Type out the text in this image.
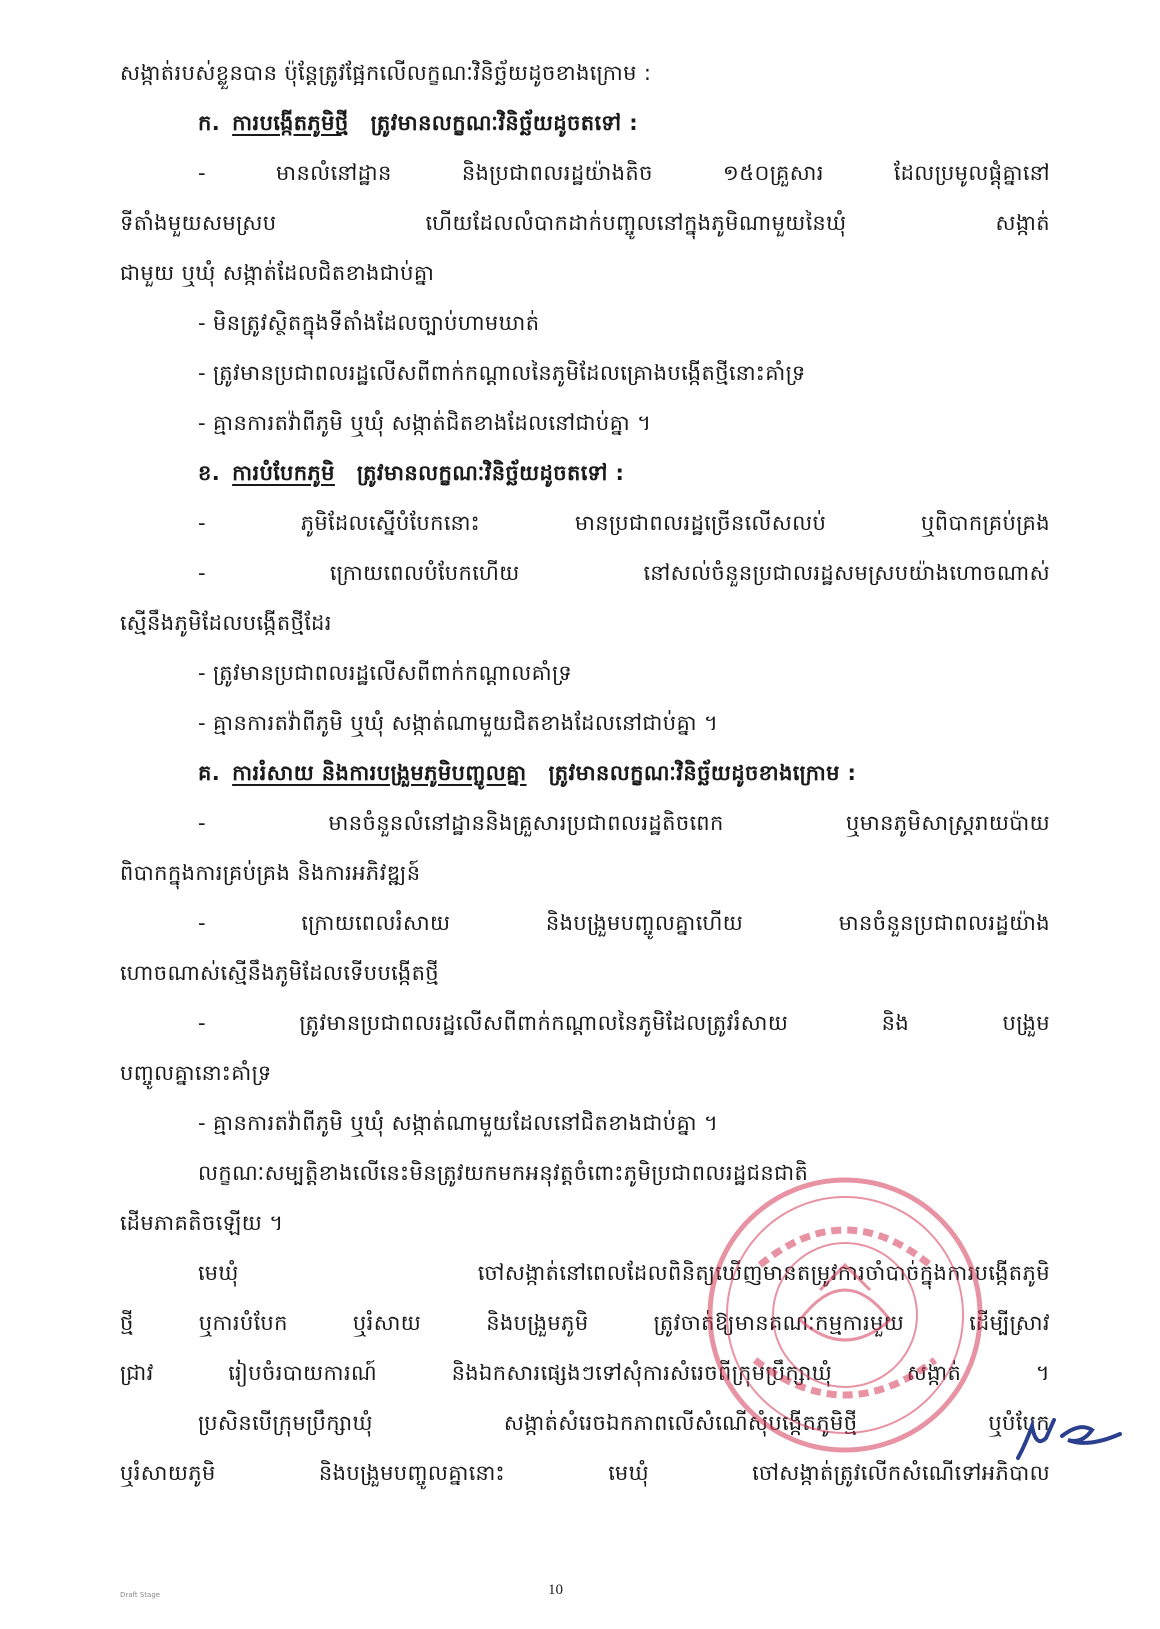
សង្កាត់របស់ខ្លួនបាន ប៉ុន្តែត្រូវផ្អែកលើលក្ខណៈវិនិច្ឆ័យដូចខាងក្រោម :
ក. ការបង្កើតភូមិថ្មី ត្រូវមានលក្ខណៈវិនិច្ឆ័យដូចតទៅ :
- មានលំនៅដ្ឋាន និងប្រជាពលរដ្ឋយ៉ាងតិច ១៥០គ្រួសារ ដែលប្រមូលផ្តុំគ្នានៅ
ទីតាំងមួយសមស្រប ហើយដែលលំបាកដាក់បញ្ចូលនៅក្នុងភូមិណាមួយនៃឃុំ សង្កាត់
ជាមួយ ឬឃុំ សង្កាត់ដែលជិតខាងជាប់គ្នា
- មិនត្រូវស្ថិតក្នុងទីតាំងដែលច្បាប់ហាមឃាត់
- ត្រូវមានប្រជាពលរដ្ឋលើសពីពាក់កណ្តាលនៃភូមិដែលគ្រោងបង្កើតថ្មីនោះគាំទ្រ
- គ្មានការតវ៉ាពីភូមិ ឬឃុំ សង្កាត់ជិតខាងដែលនៅជាប់គ្នា ។
ខ. ការបំបែកភូមិ ត្រូវមានលក្ខណៈវិនិច្ឆ័យដូចតទៅ :
- ភូមិដែលស្នើបំបែកនោះ មានប្រជាពលរដ្ឋច្រើនលើសលប់ ឬពិបាកគ្រប់គ្រង
- ក្រោយពេលបំបែកហើយ នៅសល់ចំនួនប្រជាលរដ្ឋសមស្របយ៉ាងហោចណាស់
ស្មើនឹងភូមិដែលបង្កើតថ្មីដែរ
- ត្រូវមានប្រជាពលរដ្ឋលើសពីពាក់កណ្តាលគាំទ្រ
- គ្មានការតវ៉ាពីភូមិ ឬឃុំ សង្កាត់ណាមួយជិតខាងដែលនៅជាប់គ្នា ។
គ. ការរំសាយ និងការបង្រួមភូមិបញ្ចូលគ្នា ត្រូវមានលក្ខណៈវិនិច្ឆ័យដូចខាងក្រោម :
- មានចំនួនលំនៅដ្ឋាននិងគ្រួសារប្រជាពលរដ្ឋតិចពេក ឬមានភូមិសាស្ត្ររាយប៉ាយ
ពិបាកក្នុងការគ្រប់គ្រង និងការអភិវឌ្ឍន៍
- ក្រោយពេលរំសាយ និងបង្រួមបញ្ចូលគ្នាហើយ មានចំនួនប្រជាពលរដ្ឋយ៉ាង
ហោចណាស់ស្មើនឹងភូមិដែលទើបបង្កើតថ្មី
- ត្រូវមានប្រជាពលរដ្ឋលើសពីពាក់កណ្តាលនៃភូមិដែលត្រូវរំសាយ និង បង្រួម
បញ្ចូលគ្នានោះគាំទ្រ
- គ្មានការតវ៉ាពីភូមិ ឬឃុំ សង្កាត់ណាមួយដែលនៅជិតខាងជាប់គ្នា ។
លក្ខណៈសម្បត្តិខាងលើនេះមិនត្រូវយកមកអនុវត្តចំពោះភូមិប្រជាពលរដ្ឋជនជាតិ
ដើមភាគតិចឡើយ ។
មេឃុំ ចៅសង្កាត់នៅពេលដែលពិនិត្យឃើញមានតម្រូវការចាំបាច់ក្នុងការបង្កើតភូមិ
ថ្មី ឬការបំបែក ឬរំសាយ និងបង្រួមភូមិ ត្រូវចាត់ឱ្យមានគណៈកម្មការមួយ ដើម្បីស្រាវ
ជ្រាវ រៀបចំរបាយការណ៍ និងឯកសារផ្សេងៗទៅសុំការសំរេចពីក្រុមប្រឹក្សាឃុំ សង្កាត់ ។
ប្រសិនបើក្រុមប្រឹក្សាឃុំ សង្កាត់សំរេចឯកភាពលើសំណើសុំបង្កើតភូមិថ្មី ឬបំបែក
ឬរំសាយភូមិ និងបង្រួមបញ្ចូលគ្នានោះ មេឃុំ ចៅសង្កាត់ត្រូវលើកសំណើទៅអភិបាល
10
Draft Stage
